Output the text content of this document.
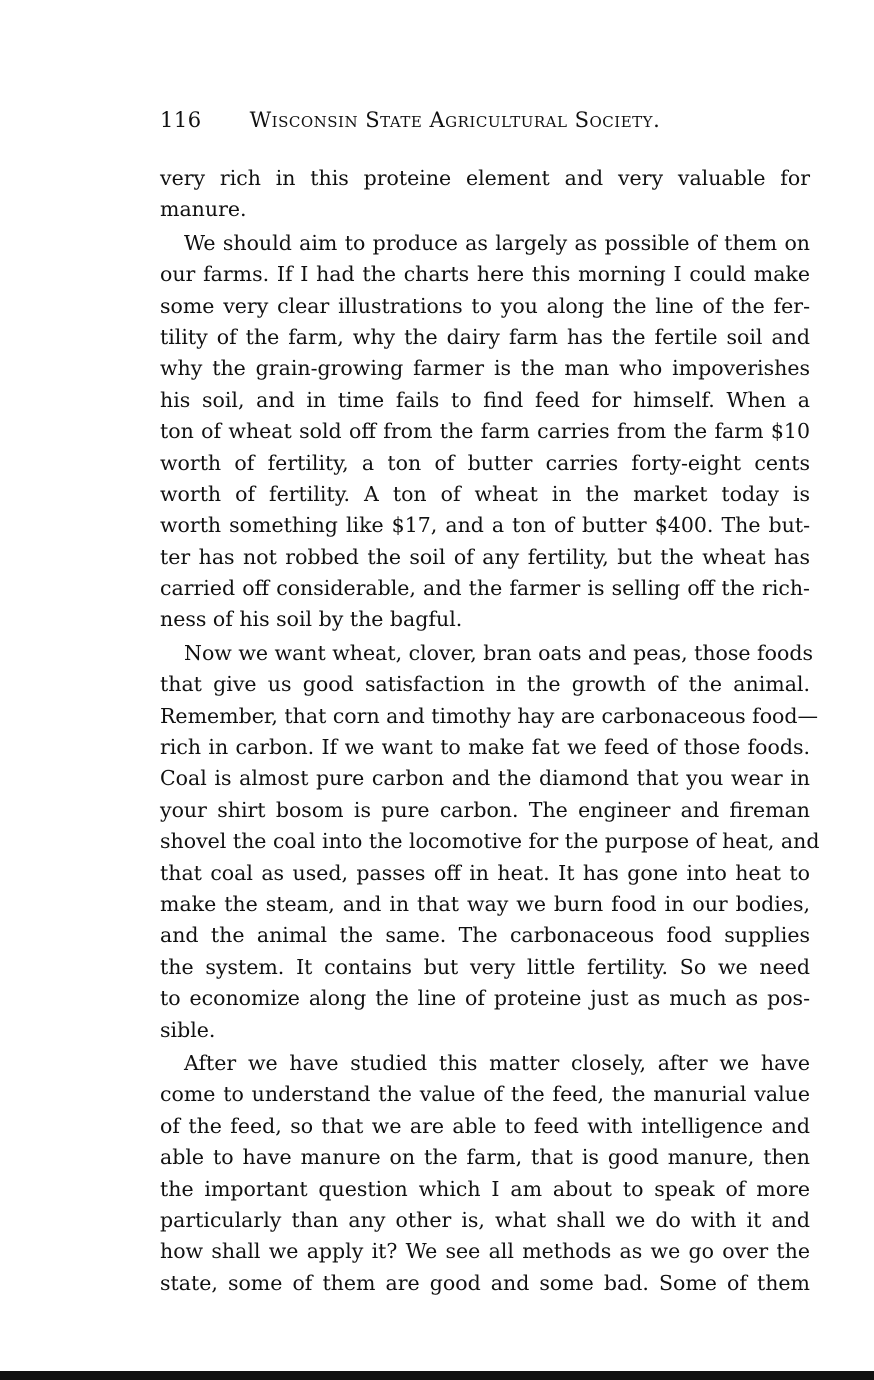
116 Wisconsin State Agricultural Society.
very rich in this proteine element and very valuable for
manure.
We should aim to produce as largely as possible of them on
our farms. If I had the charts here this morning I could make
some very clear illustrations to you along the line of the fer-
tility of the farm, why the dairy farm has the fertile soil and
why the grain-growing farmer is the man who impoverishes
his soil, and in time fails to find feed for himself. When a
ton of wheat sold off from the farm carries from the farm $10
worth of fertility, a ton of butter carries forty-eight cents
worth of fertility. A ton of wheat in the market today is
worth something like $17, and a ton of butter $400. The but-
ter has not robbed the soil of any fertility, but the wheat has
carried off considerable, and the farmer is selling off the rich-
ness of his soil by the bagful.
Now we want wheat, clover, bran oats and peas, those foods
that give us good satisfaction in the growth of the animal.
Remember, that corn and timothy hay are carbonaceous food—
rich in carbon. If we want to make fat we feed of those foods.
Coal is almost pure carbon and the diamond that you wear in
your shirt bosom is pure carbon. The engineer and fireman
shovel the coal into the locomotive for the purpose of heat, and
that coal as used, passes off in heat. It has gone into heat to
make the steam, and in that way we burn food in our bodies,
and the animal the same. The carbonaceous food supplies
the system. It contains but very little fertility. So we need
to economize along the line of proteine just as much as pos-
sible.
After we have studied this matter closely, after we have
come to understand the value of the feed, the manurial value
of the feed, so that we are able to feed with intelligence and
able to have manure on the farm, that is good manure, then
the important question which I am about to speak of more
particularly than any other is, what shall we do with it and
how shall we apply it? We see all methods as we go over the
state, some of them are good and some bad. Some of them
